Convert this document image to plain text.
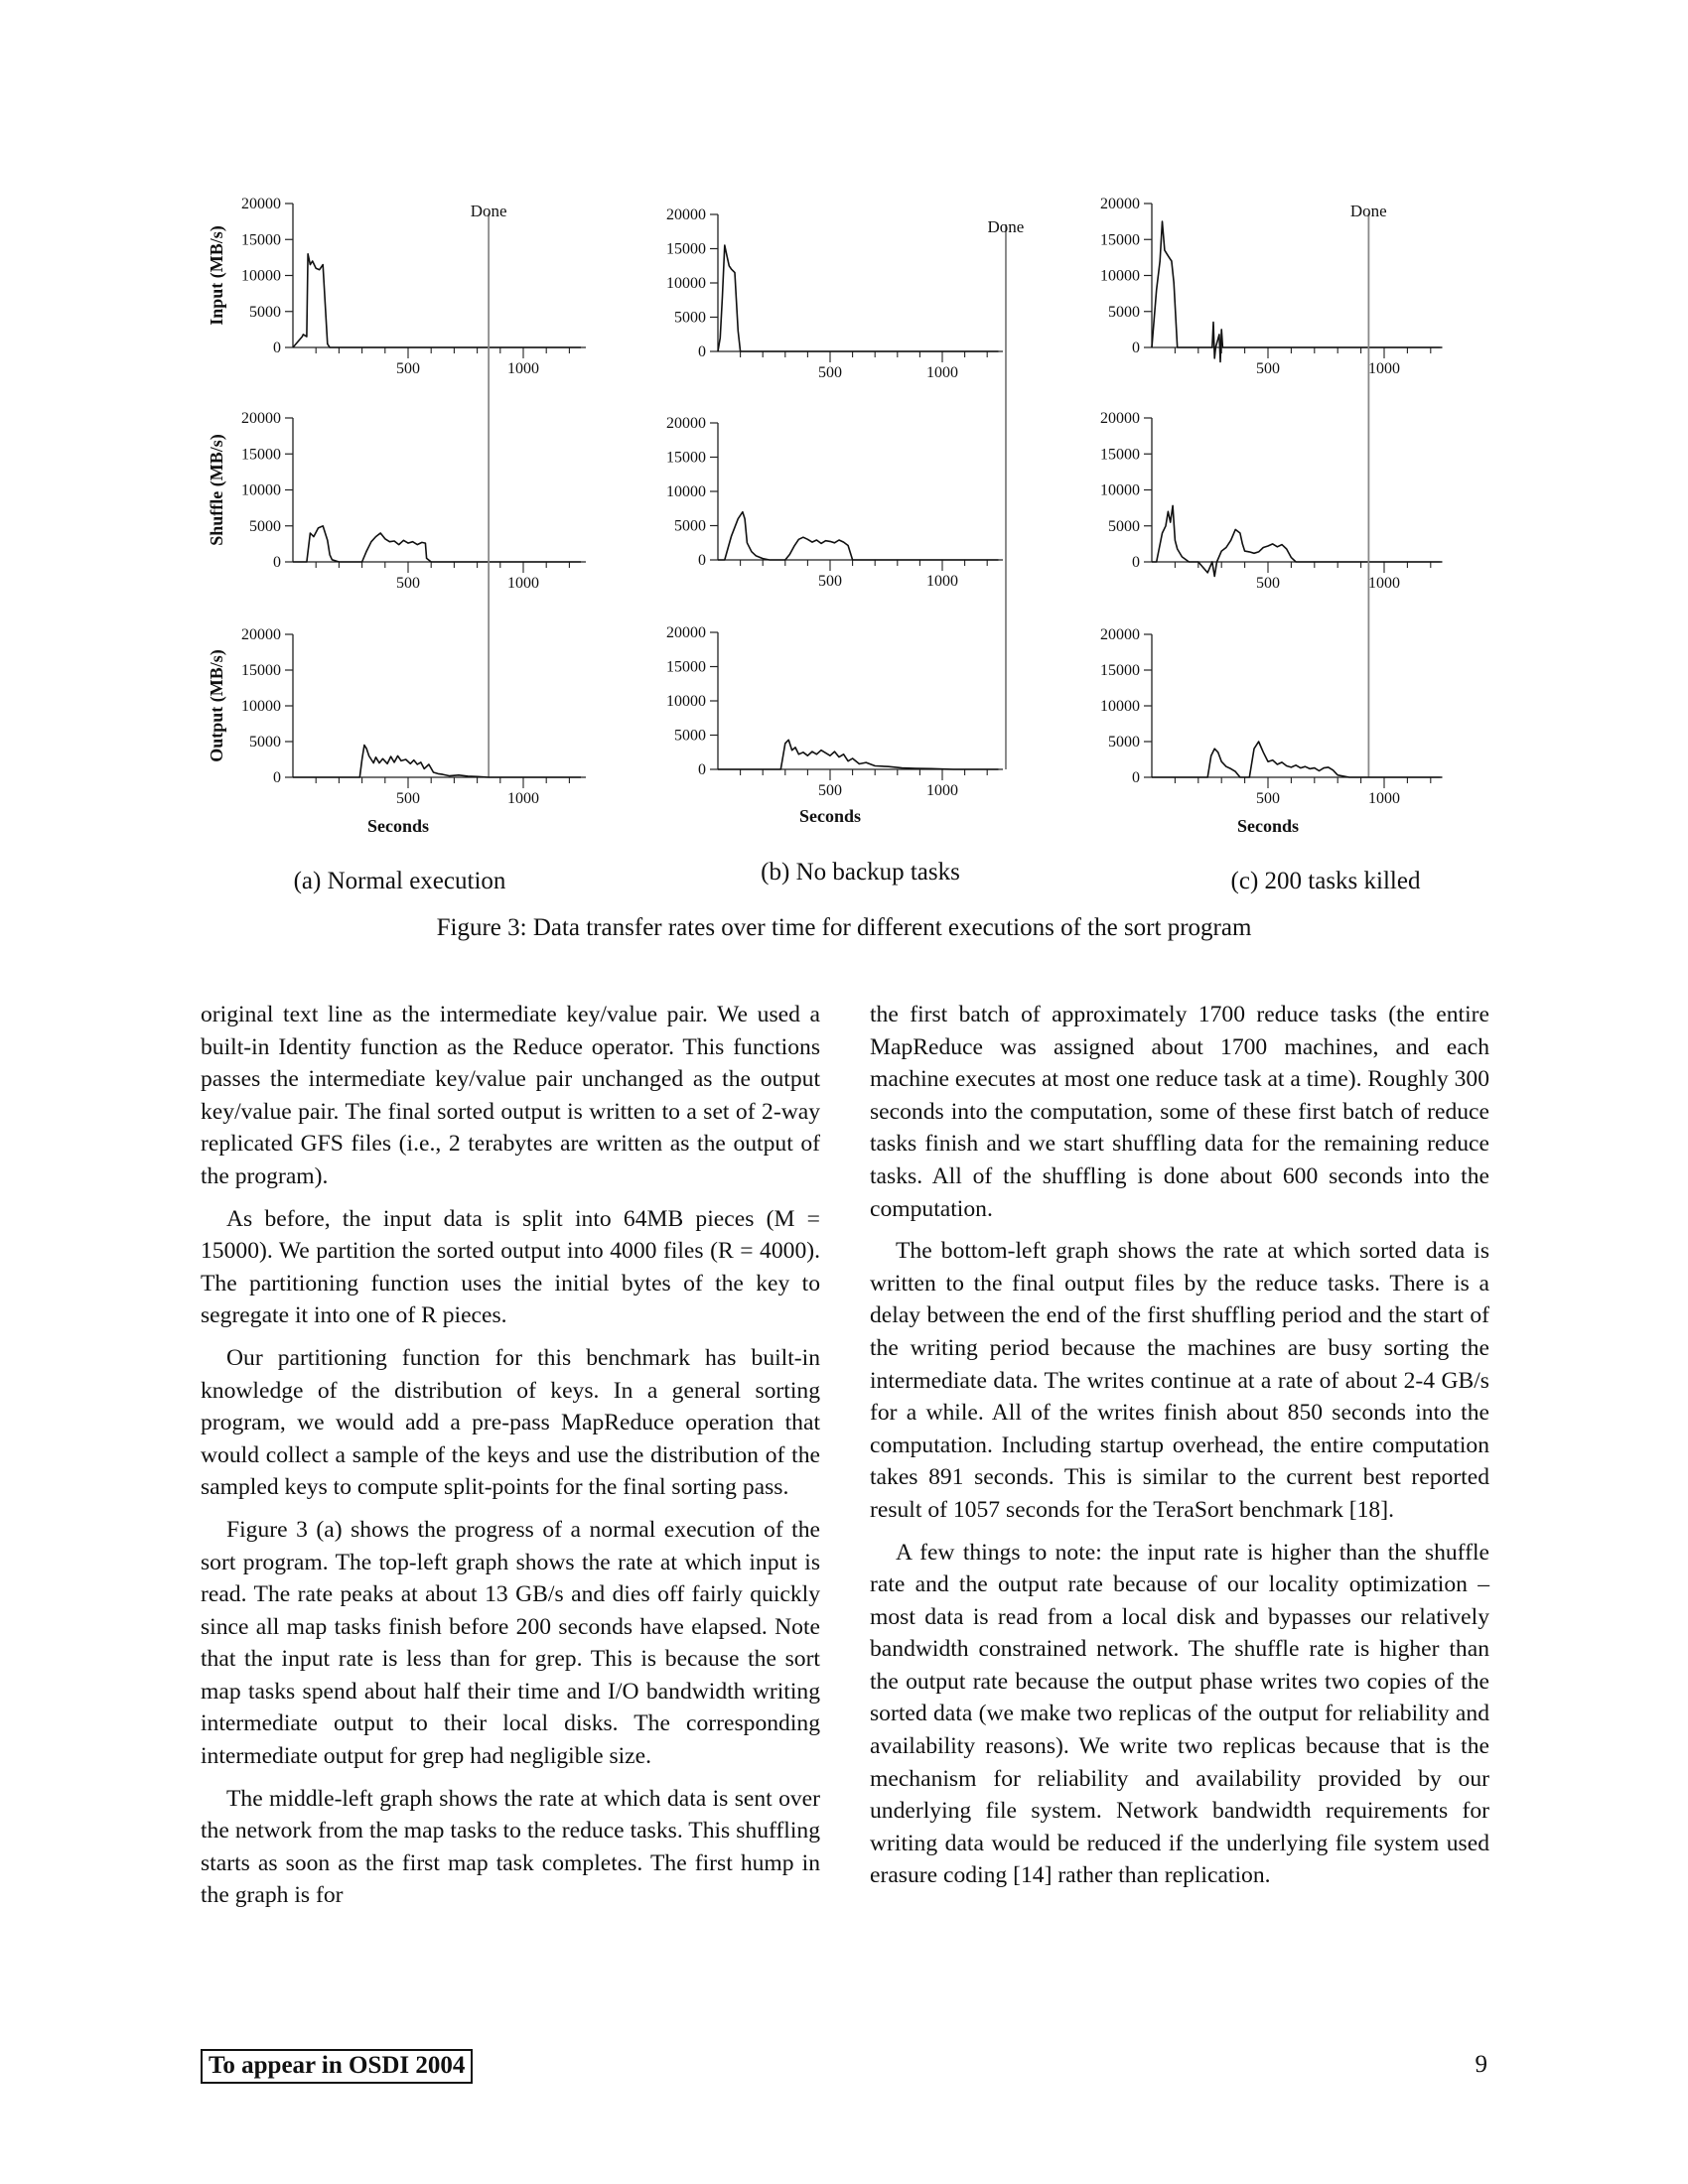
0
5000
10000
15000
20000
500	1000
Input (MB/s)
0
5000
10000
15000
20000
500	1000
Shuffle (MB/s)
0
5000
10000
15000
20000
500	1000
Output (MB/s)
Done
Seconds
(a) Normal execution
0
5000
10000
15000
20000
500	1000
0
5000
10000
15000
20000
500	1000
0
5000
10000
15000
20000
500	1000
Done
Seconds
(b) No backup tasks
0
5000
10000
15000
20000
500	1000
0
5000
10000
15000
20000
500	1000
0
5000
10000
15000
20000
500	1000
Done
Seconds
(c) 200 tasks killed
Figure 3: Data transfer rates over time for different executions of the sort program

original text line as the intermediate key/value pair. We used a built-in Identity function as the Reduce operator. This functions passes the intermediate key/value pair unchanged as the output key/value pair. The final sorted output is written to a set of 2-way replicated GFS files (i.e., 2 terabytes are written as the output of the program).

As before, the input data is split into 64MB pieces (M = 15000). We partition the sorted output into 4000 files (R = 4000). The partitioning function uses the initial bytes of the key to segregate it into one of R pieces.

Our partitioning function for this benchmark has built-in knowledge of the distribution of keys. In a general sorting program, we would add a pre-pass MapReduce operation that would collect a sample of the keys and use the distribution of the sampled keys to compute split-points for the final sorting pass.

Figure 3 (a) shows the progress of a normal execution of the sort program. The top-left graph shows the rate at which input is read. The rate peaks at about 13 GB/s and dies off fairly quickly since all map tasks finish before 200 seconds have elapsed. Note that the input rate is less than for grep. This is because the sort map tasks spend about half their time and I/O bandwidth writing intermediate output to their local disks. The corresponding intermediate output for grep had negligible size.

The middle-left graph shows the rate at which data is sent over the network from the map tasks to the reduce tasks. This shuffling starts as soon as the first map task completes. The first hump in the graph is for

the first batch of approximately 1700 reduce tasks (the entire MapReduce was assigned about 1700 machines, and each machine executes at most one reduce task at a time). Roughly 300 seconds into the computation, some of these first batch of reduce tasks finish and we start shuffling data for the remaining reduce tasks. All of the shuffling is done about 600 seconds into the computation.

The bottom-left graph shows the rate at which sorted data is written to the final output files by the reduce tasks. There is a delay between the end of the first shuffling period and the start of the writing period because the machines are busy sorting the intermediate data. The writes continue at a rate of about 2-4 GB/s for a while. All of the writes finish about 850 seconds into the computation. Including startup overhead, the entire computation takes 891 seconds. This is similar to the current best reported result of 1057 seconds for the TeraSort benchmark [18].

A few things to note: the input rate is higher than the shuffle rate and the output rate because of our locality optimization – most data is read from a local disk and bypasses our relatively bandwidth constrained network. The shuffle rate is higher than the output rate because the output phase writes two copies of the sorted data (we make two replicas of the output for reliability and availability reasons). We write two replicas because that is the mechanism for reliability and availability provided by our underlying file system. Network bandwidth requirements for writing data would be reduced if the underlying file system used erasure coding [14] rather than replication.

To appear in OSDI 2004	9
